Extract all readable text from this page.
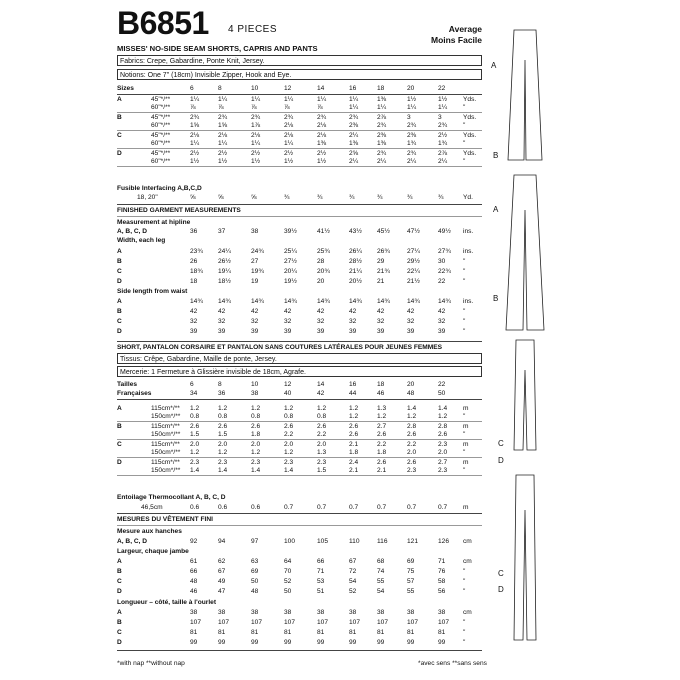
B6851 4 PIECES	Average
Moins Facile
MISSES' NO-SIDE SEAM SHORTS, CAPRIS AND PANTS
Fabrics: Crepe, Gabardine, Ponte Knit, Jersey.
Notions: One 7" (18cm) Invisible Zipper, Hook and Eye.
Sizes	6	8	10	12	14	16	18	20	22
A	45"*/**	1¼	1¼	1¼	1¼	1¼	1¼	1⅜	1½	1½ Yds.
60"*/**	⅞	⅞	⅞	⅞	⅞	1¼	1¼	1¼	1¼ "
B	45"*/**	2¾	2¾	2¾	2¾	2¾	2¾	2⅞	3	3	Yds.
60"*/**	1⅝	1⅝	1⅞	2⅛	2⅛	2⅜	2¾	2¾	2¾ "
C	45"*/**	2⅛	2⅛	2⅛	2⅛	2⅛	2¼	2⅜	2⅜	2½ Yds.
60"*/**	1¼	1¼	1¼	1¼	1⅜	1⅜	1⅜	1¾	1¾ "
D	45"*/**	2½	2½	2½	2½	2½	2⅝	2¾	2¾	2⅞ Yds.
60"*/**	1½	1½	1½	1½	1½	2¼	2¼	2¼	2¼ "
Fusible Interfacing A,B,C,D
18, 20"	⅝	⅝	⅝	¾	¾	¾	¾	¾	¾	Yd.
FINISHED GARMENT MEASUREMENTS
Measurement at hipline
A, B, C, D	36	37	38	39½	41½	43½ 45½	47½	49½ ins.
Width, each leg
A	23¾ 24¼	24¾	25¼	25¾	26¼ 26¾	27¼	27¾ ins.
B	26	26½	27	27½	28	28½ 29	29½	30	"
C	18¾ 19¼	19¾	20¼	20¾	21¼ 21¾	22¼	22¾ "
D	18	18½	19	19½	20	20½ 21	21½	22	"
Side length from waist
A	14¾ 14¾	14¾	14¾	14¾	14¾ 14¾	14¾	14¾ ins.
B	42	42	42	42	42	42	42	42	42	"
C	32	32	32	32	32	32	32	32	32	"
D	39	39	39	39	39	39	39	39	39	"
SHORT, PANTALON CORSAIRE ET PANTALON SANS COUTURES LATÉRALES POUR JEUNES FEMMES
Tissus: Crêpe, Gabardine, Maille de ponte, Jersey.
Mercerie: 1 Fermeture à Glissière invisible de 18cm, Agrafe.
Tailles	6	8	10	12	14	16	18	20	22
Françaises	34	36	38	40	42	44	46	48	50
A	115cm*/** 1.2	1.2	1.2	1.2	1.2	1.2	1.3	1.4	1.4 m
150cm*/** 0.8	0.8	0.8	0.8	0.8	1.2	1.2	1.2	1.2 "
B	115cm*/** 2.6	2.6	2.6	2.6	2.6	2.6	2.7	2.8	2.8 m
150cm*/** 1.5	1.5	1.8	2.2	2.2	2.6	2.6	2.6	2.6 "
C	115cm*/** 2.0	2.0	2.0	2.0	2.0	2.1	2.2	2.2	2.3 m
150cm*/** 1.2	1.2	1.2	1.2	1.3	1.8	1.8	2.0	2.0 "
D	115cm*/** 2.3	2.3	2.3	2.3	2.3	2.4	2.6	2.6	2.7 m
150cm*/** 1.4	1.4	1.4	1.4	1.5	2.1	2.1	2.3	2.3 "
Entoilage Thermocollant A, B, C, D
46,5cm	0.6	0.6	0.6	0.7	0.7	0.7	0.7	0.7	0.7 m
MESURES DU VÊTEMENT FINI
Mesure aux hanches
A, B, C, D	92	94	97	100	105	110	116	121	126 cm
Largeur, chaque jambe
A	61	62	63	64	66	67	68	69	71	cm
B	66	67	69	70	71	72	74	75	76	"
C	48	49	50	52	53	54	55	57	58	"
D	46	47	48	50	51	52	54	55	56	"
Longueur – côté, taille à l'ourlet
A	38	38	38	38	38	38	38	38	38	cm
B	107	107	107	107	107	107	107	107	107 "
C	81	81	81	81	81	81	81	81	81	"
D	99	99	99	99	99	99	99	99	99	"
A
B
A
B
C
D
C
D
*with nap **without nap	*avec sens **sans sens
